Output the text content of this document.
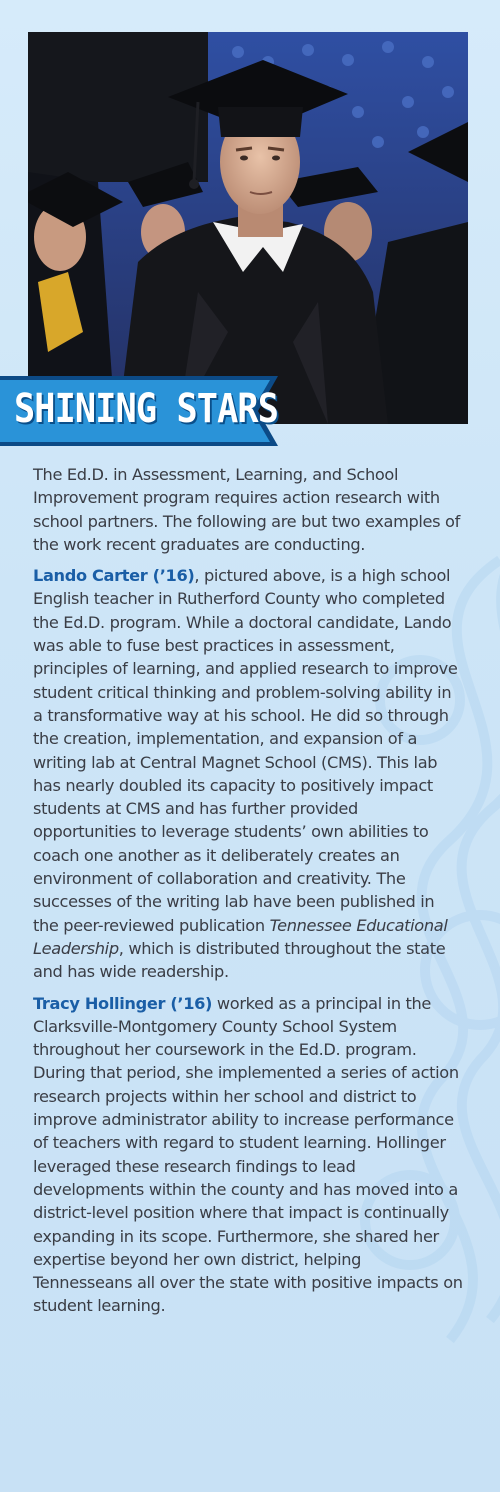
SHINING STARS

The Ed.D. in Assessment, Learning, and School Improvement program requires action research with school partners. The following are but two examples of the work recent graduates are conducting.

Lando Carter (’16), pictured above, is a high school English teacher in Rutherford County who completed the Ed.D. program. While a doctoral candidate, Lando was able to fuse best practices in assessment, principles of learning, and applied research to improve student critical thinking and problem-solving ability in a transformative way at his school. He did so through the creation, implementation, and expansion of a writing lab at Central Magnet School (CMS). This lab has nearly doubled its capacity to positively impact students at CMS and has further provided opportunities to leverage students’ own abilities to coach one another as it deliberately creates an environment of collaboration and creativity. The successes of the writing lab have been published in the peer-reviewed publication Tennessee Educational Leadership, which is distributed throughout the state and has wide readership.

Tracy Hollinger (’16) worked as a principal in the Clarksville-Montgomery County School System throughout her coursework in the Ed.D. program. During that period, she implemented a series of action research projects within her school and district to improve administrator ability to increase performance of teachers with regard to student learning. Hollinger leveraged these research findings to lead developments within the county and has moved into a district-level position where that impact is continually expanding in its scope. Furthermore, she shared her expertise beyond her own district, helping Tennesseans all over the state with positive impacts on student learning.
